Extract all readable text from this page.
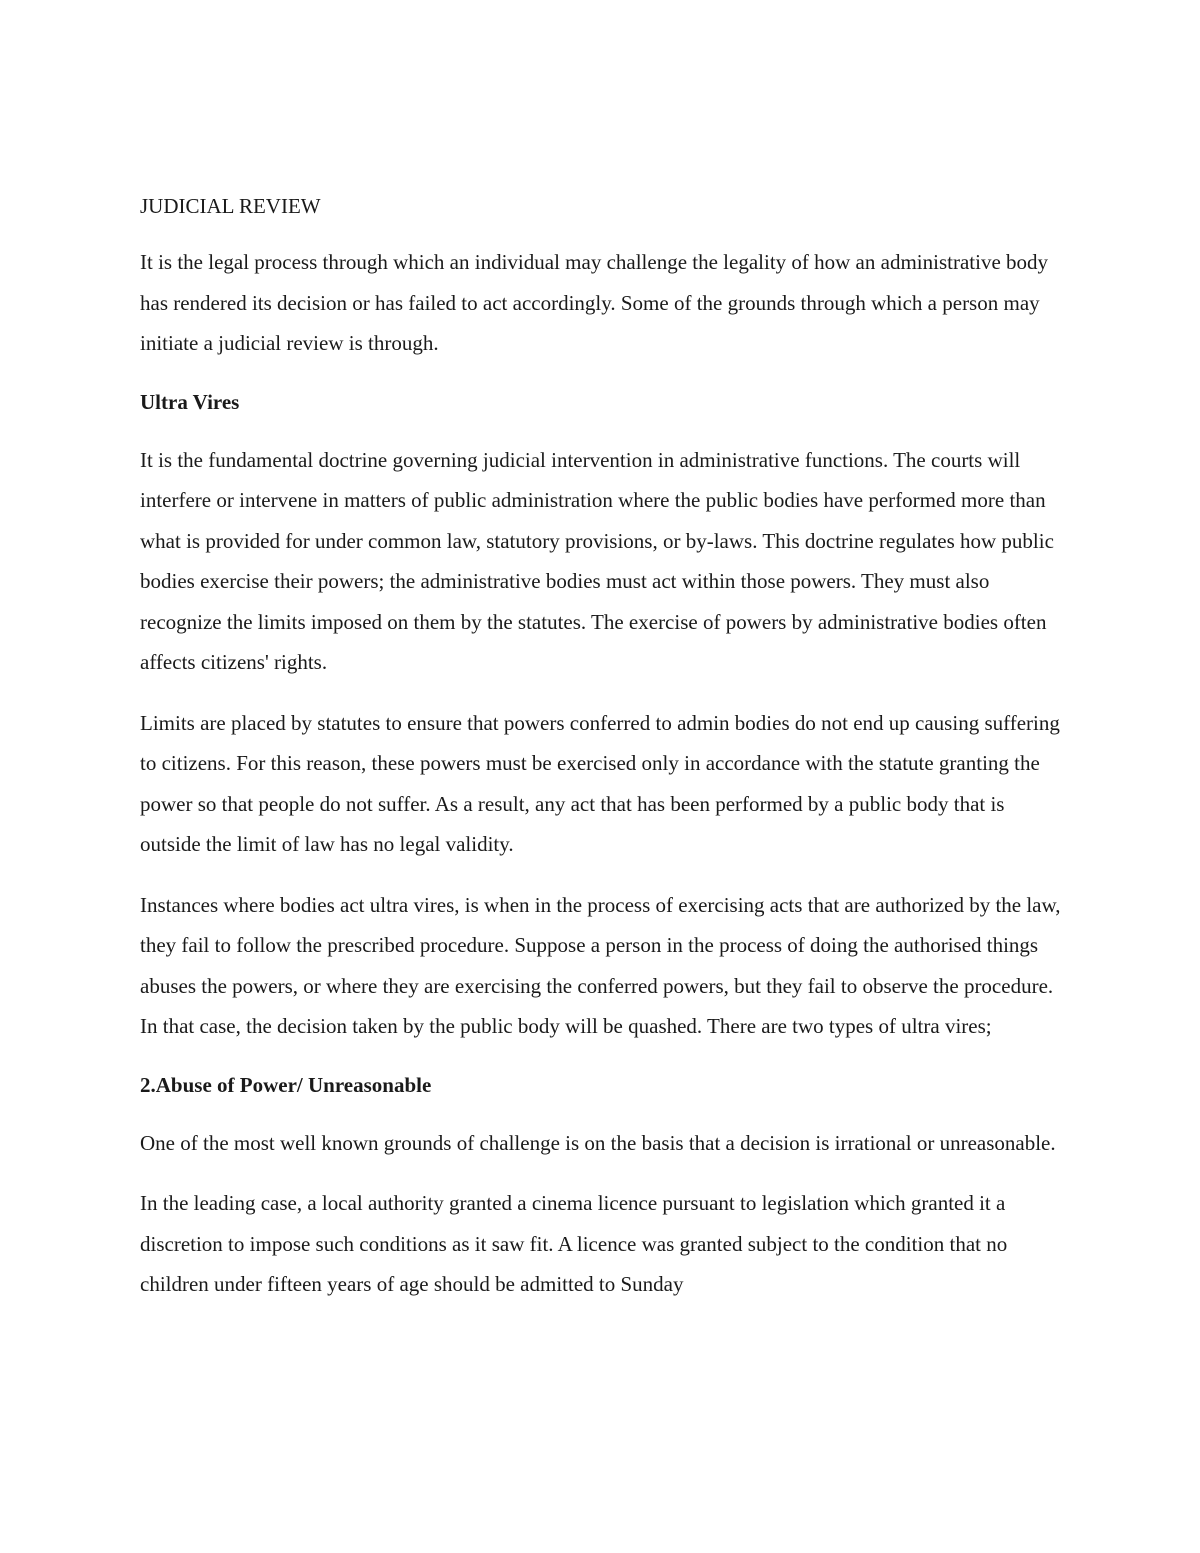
JUDICIAL REVIEW

It is the legal process through which an individual may challenge the legality of how an administrative body has rendered its decision or has failed to act accordingly. Some of the grounds through which a person may initiate a judicial review is through.

Ultra Vires

It is the fundamental doctrine governing judicial intervention in administrative functions. The courts will interfere or intervene in matters of public administration where the public bodies have performed more than what is provided for under common law, statutory provisions, or by-laws. This doctrine regulates how public bodies exercise their powers; the administrative bodies must act within those powers. They must also recognize the limits imposed on them by the statutes. The exercise of powers by administrative bodies often affects citizens' rights.

Limits are placed by statutes to ensure that powers conferred to admin bodies do not end up causing suffering to citizens. For this reason, these powers must be exercised only in accordance with the statute granting the power so that people do not suffer. As a result, any act that has been performed by a public body that is outside the limit of law has no legal validity.

Instances where bodies act ultra vires, is when in the process of exercising acts that are authorized by the law, they fail to follow the prescribed procedure. Suppose a person in the process of doing the authorised things abuses the powers, or where they are exercising the conferred powers, but they fail to observe the procedure. In that case, the decision taken by the public body will be quashed. There are two types of ultra vires;

2.Abuse of Power/ Unreasonable

One of the most well known grounds of challenge is on the basis that a decision is irrational or unreasonable.

In the leading case, a local authority granted a cinema licence pursuant to legislation which granted it a discretion to impose such conditions as it saw fit. A licence was granted subject to the condition that no children under fifteen years of age should be admitted to Sunday
